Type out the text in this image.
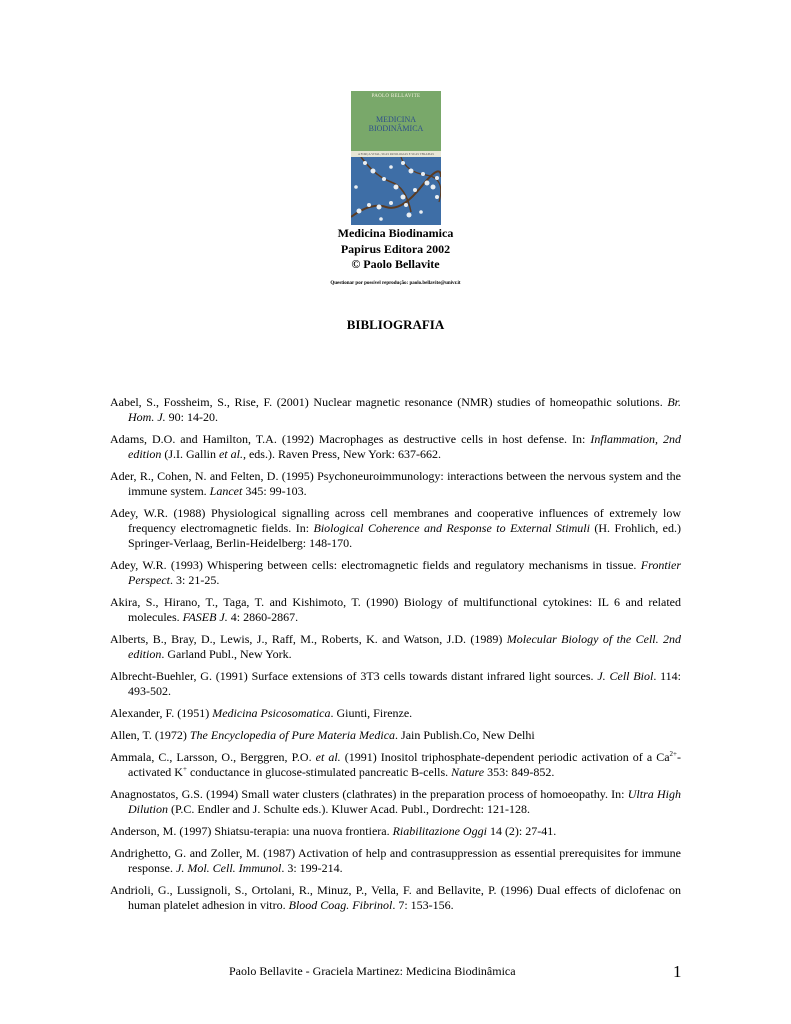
PAOLO BELLAVITE
MEDICINA
BIODINÂMICA
A FORÇA VITAL, SUAS PATOLOGIAS E SUAS TERAPIAS
Medicina Biodinamica
Papirus Editora 2002
© Paolo Bellavite
Questionar por possível reprodução: paolo.bellavite@univr.it
BIBLIOGRAFIA
Aabel, S., Fossheim, S., Rise, F. (2001) Nuclear magnetic resonance (NMR) studies of homeopathic solutions. Br. Hom. J. 90: 14-20.
Adams, D.O. and Hamilton, T.A. (1992) Macrophages as destructive cells in host defense. In: Inflammation, 2nd edition (J.I. Gallin et al., eds.). Raven Press, New York: 637-662.
Ader, R., Cohen, N. and Felten, D. (1995) Psychoneuroimmunology: interactions between the nervous system and the immune system. Lancet 345: 99-103.
Adey, W.R. (1988) Physiological signalling across cell membranes and cooperative influences of extremely low frequency electromagnetic fields. In: Biological Coherence and Response to External Stimuli (H. Frohlich, ed.) Springer-Verlaag, Berlin-Heidelberg: 148-170.
Adey, W.R. (1993) Whispering between cells: electromagnetic fields and regulatory mechanisms in tissue. Frontier Perspect. 3: 21-25.
Akira, S., Hirano, T., Taga, T. and Kishimoto, T. (1990) Biology of multifunctional cytokines: IL 6 and related molecules. FASEB J. 4: 2860-2867.
Alberts, B., Bray, D., Lewis, J., Raff, M., Roberts, K. and Watson, J.D. (1989) Molecular Biology of the Cell. 2nd edition. Garland Publ., New York.
Albrecht-Buehler, G. (1991) Surface extensions of 3T3 cells towards distant infrared light sources. J. Cell Biol. 114: 493-502.
Alexander, F. (1951) Medicina Psicosomatica. Giunti, Firenze.
Allen, T. (1972) The Encyclopedia of Pure Materia Medica. Jain Publish.Co, New Delhi
Ammala, C., Larsson, O., Berggren, P.O. et al. (1991) Inositol triphosphate-dependent periodic activation of a $Ca^{2+}$-activated K+ conductance in glucose-stimulated pancreatic B-cells. Nature 353: 849-852.
Anagnostatos, G.S. (1994) Small water clusters (clathrates) in the preparation process of homoeopathy. In: Ultra High Dilution (P.C. Endler and J. Schulte eds.). Kluwer Acad. Publ., Dordrecht: 121-128.
Anderson, M. (1997) Shiatsu-terapia: una nuova frontiera. Riabilitazione Oggi 14 (2): 27-41.
Andrighetto, G. and Zoller, M. (1987) Activation of help and contrasuppression as essential prerequisites for immune response. J. Mol. Cell. Immunol. 3: 199-214.
Andrioli, G., Lussignoli, S., Ortolani, R., Minuz, P., Vella, F. and Bellavite, P. (1996) Dual effects of diclofenac on human platelet adhesion in vitro. Blood Coag. Fibrinol. 7: 153-156.
Paolo Bellavite - Graciela Martinez: Medicina Biodinâmica	1
